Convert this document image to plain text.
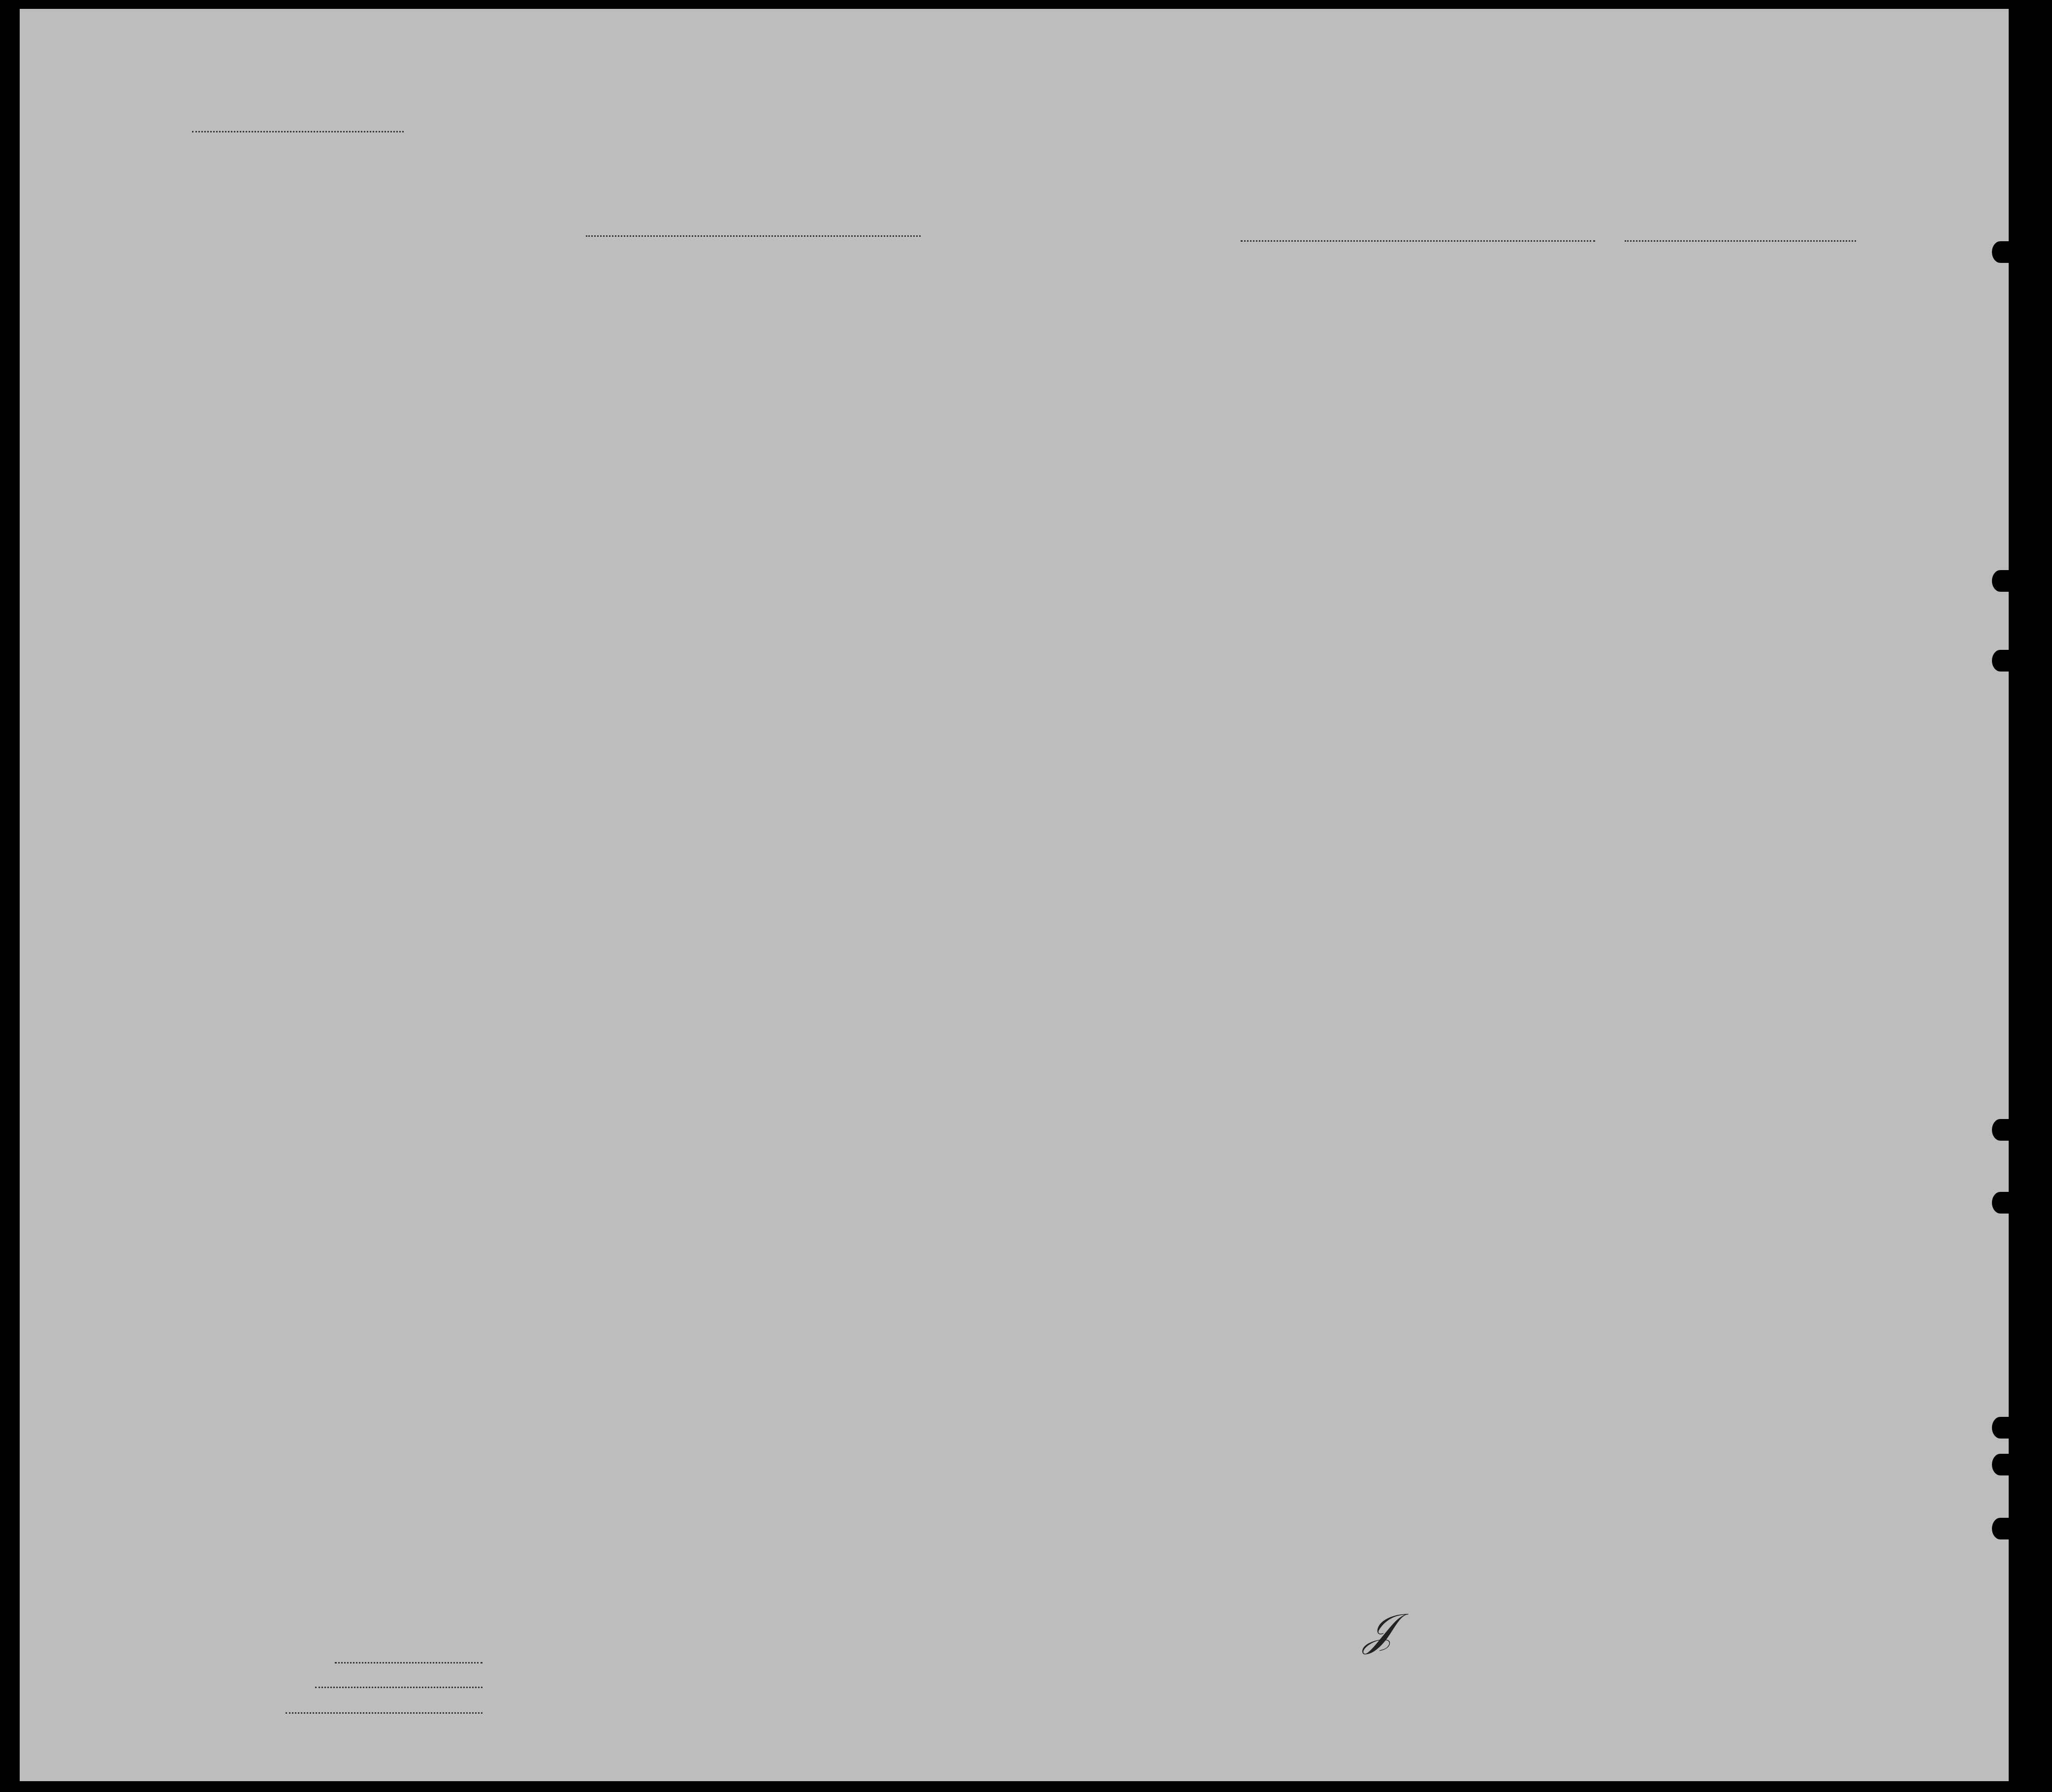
𝒥
